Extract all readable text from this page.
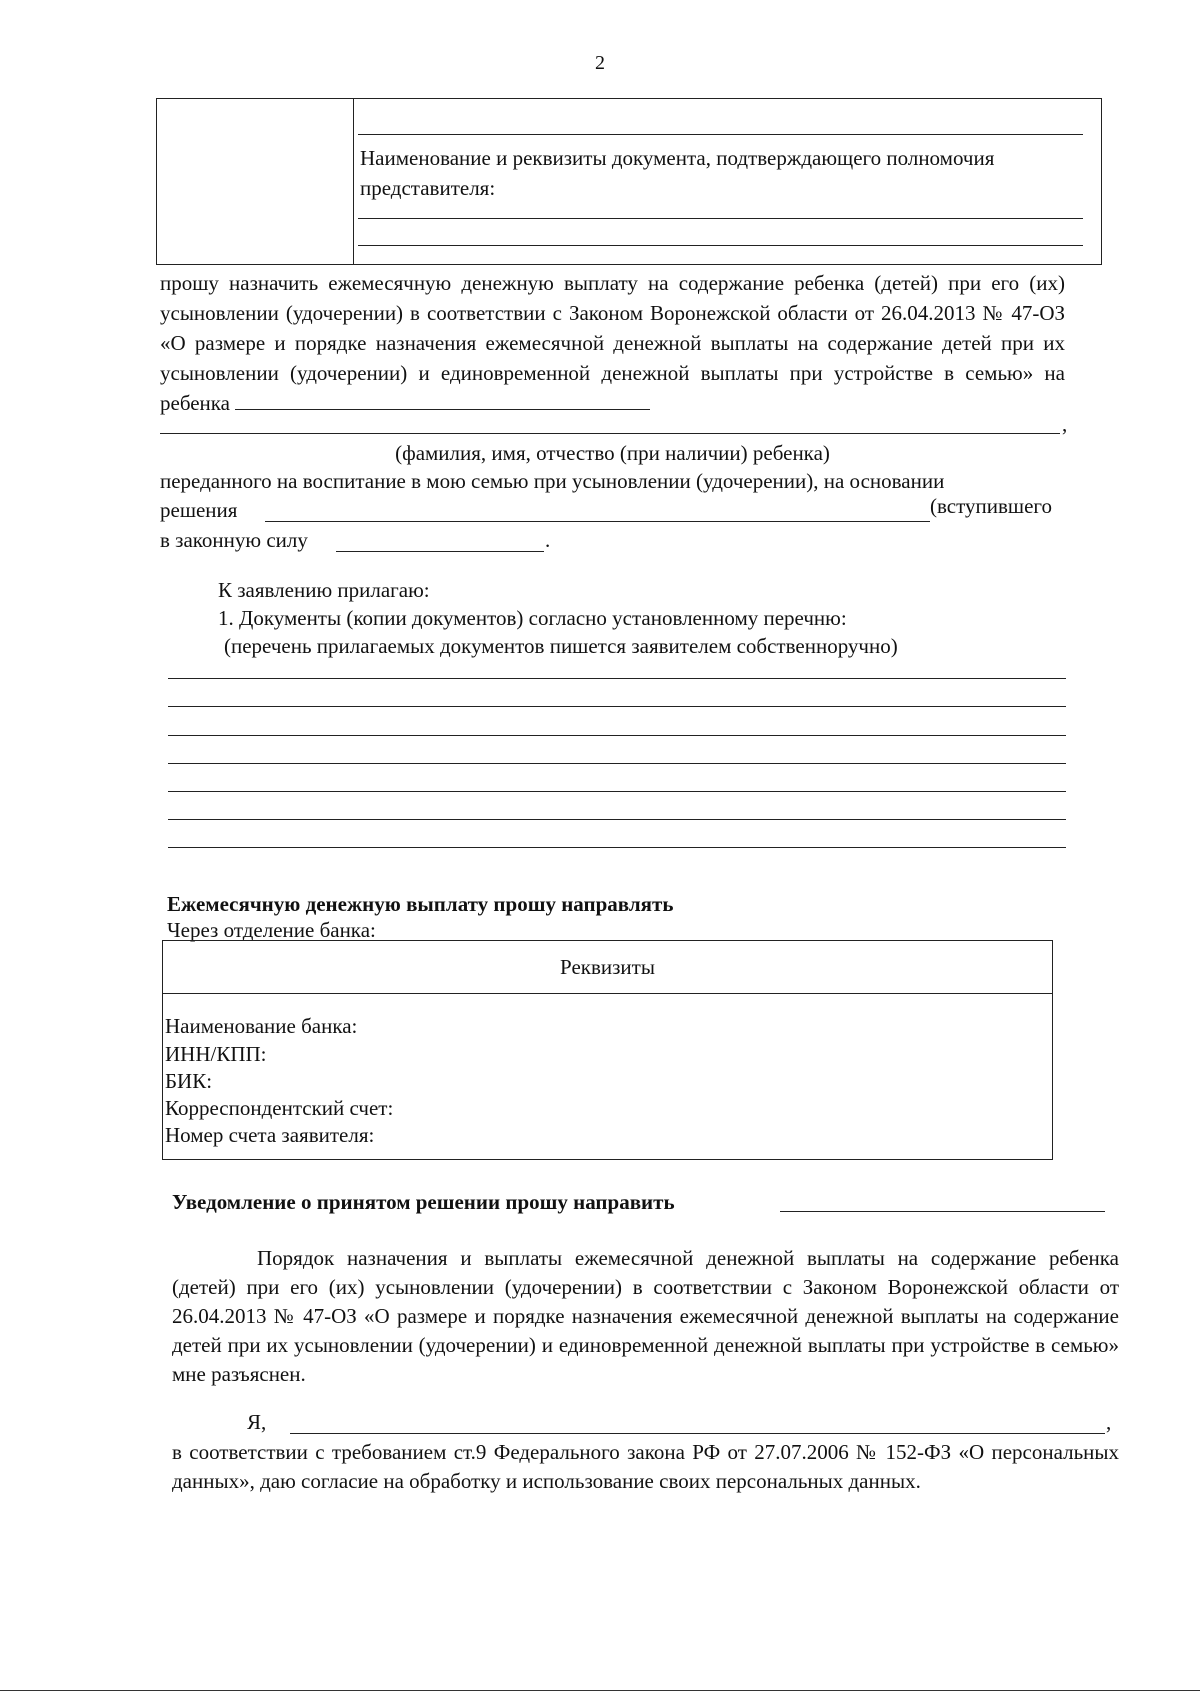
2
Наименование и реквизиты документа, подтверждающего полномочия представителя:
прошу назначить ежемесячную денежную выплату на содержание ребенка (детей) при его (их) усыновлении (удочерении) в соответствии с Законом Воронежской области от 26.04.2013 № 47-ОЗ «О размере и порядке назначения ежемесячной денежной выплаты на содержание детей при их усыновлении (удочерении) и единовременной денежной выплаты при устройстве в семью» на ребенка
,
(фамилия, имя, отчество (при наличии) ребенка)
переданного на воспитание в мою семью при усыновлении (удочерении), на основании
решения	(вступившего
в законную силу	.
К заявлению прилагаю:
1. Документы (копии документов) согласно установленному перечню:
(перечень прилагаемых документов пишется заявителем собственноручно)
Ежемесячную денежную выплату прошу направлять
Через отделение банка:
Реквизиты
Наименование банка:
ИНН/КПП:
БИК:
Корреспондентский счет:
Номер счета заявителя:
Уведомление о принятом решении прошу направить
Порядок назначения и выплаты ежемесячной денежной выплаты на содержание ребенка (детей) при его (их) усыновлении (удочерении) в соответствии с Законом Воронежской области от 26.04.2013 № 47-ОЗ «О размере и порядке назначения ежемесячной денежной выплаты на содержание детей при их усыновлении (удочерении) и единовременной денежной выплаты при устройстве в семью» мне разъяснен.
Я,	,
в соответствии с требованием ст.9 Федерального закона РФ от 27.07.2006 № 152-ФЗ «О персональных данных», даю согласие на обработку и использование своих персональных данных.
